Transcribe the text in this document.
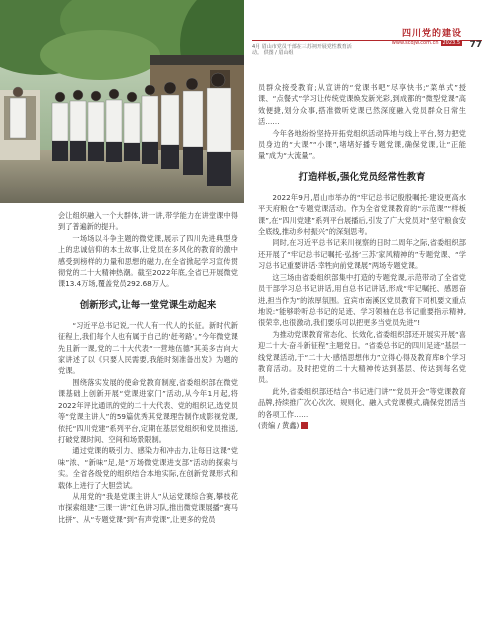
四川党的建设
www.scdjw.com.cn 2023.5 77
4月 眉山市党员干部在三苏祠开展党性教育活动。 供图 / 眉山组

会让组织融入一个大群体,讲一讲,带学能力在讲堂课中得到了普遍新的提升。

一场场以斗争主题的微党课,展示了四川先进典型身上的忠诚信仰的本土故事,让党员在多风化的教育的激中感受到榜样的力量和思想的磁力,在全省掀起学习宣传贯彻党的二十大精神热潮。截至2022年底,全省已开展微党课13.4万场,覆盖党员292.68万人。

创新形式,让每一堂党课生动起来

“习近平总书记说,一代人有一代人的长征。新时代新征程上,我们每个人也有属于自己的‘赶考路’。”今年微党课先且新一课,党的二十大代表“一营地伍德”其美多吉向大家讲述了以《只要人民需要,我能时刻准备出发》为题的党课。

围绕落实发展的使命党教育制度,省委组织部在微党课基础上创新开展“党课进家门”活动,从今年1月起,将2022年评比通讯的党的二十大代表、党的组织记,选党员等“党课主讲人”的59篇优秀其党课理告制作成影视党课,依托“四川党建”系列平台,定期在基层党组织和党员推送,打破党课时间、空间和场景限制。

通过党课的吸引力、感染力和冲击力,让每日这课“党味”浓、“新味”足,是“万场微党课进支部”活动的探索与实。全省各级党的组织结合本地实际,在创新党课形式和载体上进行了大胆尝试。

从用党的“我是党课主讲人”从运党课综合赛,攀枝花市探索组建“三课一讲”红色讲习队,推出微党课展播“赛马比拼”、从“专题党课”到“有声党课”,让更多的党员

员群众接受教育;从宣讲的“党课书吧”尽享快书;“菜单式”授课、“点餐式”学习让传统党课焕发新光彩,到成都的“微型党课”高效便捷,划分众事,搭准微听党课已然深度融入党员群众日常生活……

今年各地纷纷坚持开拓党组织活动阵地与线上平台,努力把党员身边的“大课”“小课”,堵堵好播专题党课,确保党课,让“正能量”成为“大流量”。

打造样板,强化党员经常性教育

2022年9月,眉山市举办的“牢记总书记殷殷嘱托·建设更高水平天府粮仓”专题党课活动。作为全省党课教育的“示范课”“样板课”,在“四川党建”系列平台展播后,引发了广大党员对“坚守粮食安全底线,推动乡村振兴”的深刻思考。

同时,在习近平总书记来川视察的日时二周年之际,省委组织部还开展了“牢记总书记嘱托·弘扬‘三苏’家风精神的”专题党课、“学习总书记重要讲话·幸牲向前党课展”两场专题党课。

这三场由省委组织部集中打造的专题党课,示范带动了全省党员干部学习总书记讲话,用自总书记讲话,形成“牢记嘱托、感恩奋进,担当作为”的浓厚氛围。宜宾市南溪区党员教育下司机要文重点地说:“能够聆听总书记的足迹、学习领袖在总书记重要指示精神,很荣幸,也很激动,我们要乐可以把更多当党员先进”!

为推动党课教育常态化、长效化,省委组织部还开展实开展“喜迎二十大·奋斗新征程”主题党日。“省委总书记的四川足迹”基层一线党课活动,于“二十大·感悟思想伟力”立得心得及教育库8个学习教育活动。及时把党的二十大精神传达到基层、传达到每名党员。

此外,省委组织部还结合“书记进门讲”“党员开会”等党课教育品牌,持续推广次心次次、规则化、融入式党课模式,确保党团活当的各项工作……

(责编 / 黄鑫)
